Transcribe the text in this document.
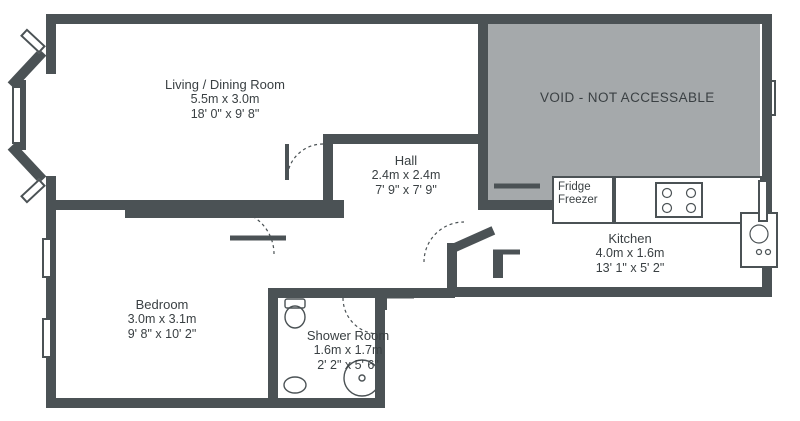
Fridge
Freezer
Living / Dining Room
5.5m x 3.0m
18' 0" x 9' 8"
VOID - NOT ACCESSABLE
Hall
2.4m x 2.4m
7' 9" x 7' 9"
Kitchen
4.0m x 1.6m
13' 1" x 5' 2"
Bedroom
3.0m x 3.1m
9' 8" x 10' 2"	Shower Room
1.6m x 1.7m
2' 2" x 5' 6"
